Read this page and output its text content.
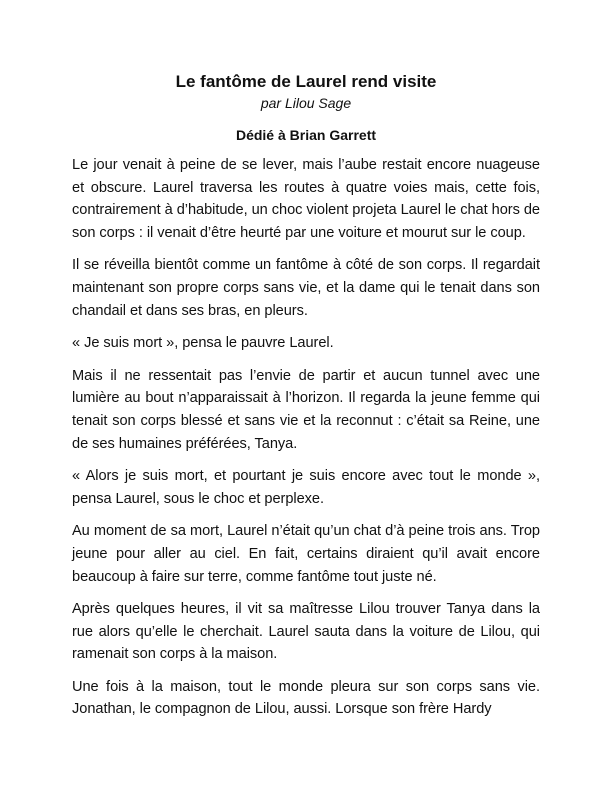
Le fantôme de Laurel rend visite

par Lilou Sage

Dédié à Brian Garrett

Le jour venait à peine de se lever, mais l’aube restait encore nuageuse et obscure. Laurel traversa les routes à quatre voies mais, cette fois, contrairement à d’habitude, un choc violent projeta Laurel le chat hors de son corps : il venait d’être heurté par une voiture et mourut sur le coup.

Il se réveilla bientôt comme un fantôme à côté de son corps. Il regardait maintenant son propre corps sans vie, et la dame qui le tenait dans son chandail et dans ses bras, en pleurs.

« Je suis mort », pensa le pauvre Laurel.

Mais il ne ressentait pas l’envie de partir et aucun tunnel avec une lumière au bout n’apparaissait à l’horizon. Il regarda la jeune femme qui tenait son corps blessé et sans vie et la reconnut : c’était sa Reine, une de ses humaines préférées, Tanya.

« Alors je suis mort, et pourtant je suis encore avec tout le monde », pensa Laurel, sous le choc et perplexe.

Au moment de sa mort, Laurel n’était qu’un chat d’à peine trois ans. Trop jeune pour aller au ciel. En fait, certains diraient qu’il avait encore beaucoup à faire sur terre, comme fantôme tout juste né.

Après quelques heures, il vit sa maîtresse Lilou trouver Tanya dans la rue alors qu’elle le cherchait. Laurel sauta dans la voiture de Lilou, qui ramenait son corps à la maison.

Une fois à la maison, tout le monde pleura sur son corps sans vie. Jonathan, le compagnon de Lilou, aussi. Lorsque son frère Hardy
